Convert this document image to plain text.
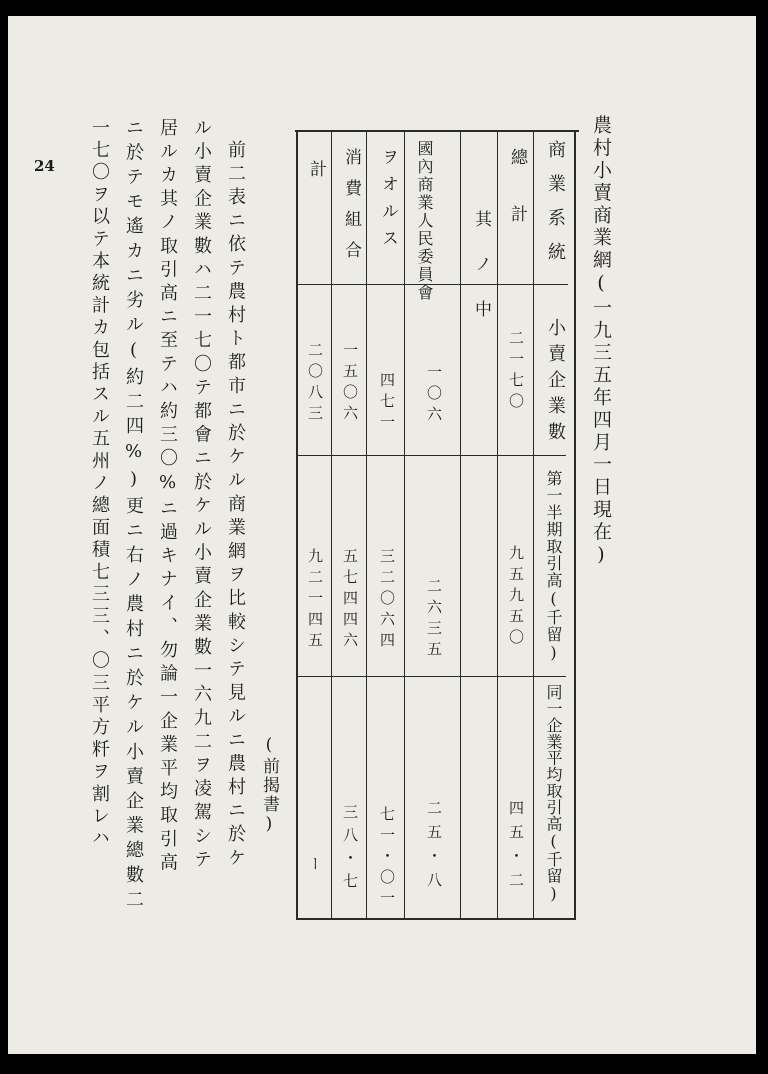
24	農村小賣商業網(一九三五年四月一日現在)
商業系統
小賣企業數
第一半期取引高(千留)
同一企業平均取引高(千留)
總計
二一七〇
九五九五〇
四五・二
其ノ中
國內商業人民委員會
一〇六
二六三五
二五・八
ヲオルス
四七一
三二〇六四
七一・〇一
消費組合
一五〇六
五七四四六
三八・七
計
二〇八三
九二一四五
ー
(前揭書)
前二表ニ依テ農村ト都市ニ於ケル商業網ヲ比較シテ見ルニ農村ニ於ケ
ル小賣企業數ハ二一七〇テ都會ニ於ケル小賣企業數一六九二ヲ凌駕シテ
居ルカ其ノ取引高ニ至テハ約三〇%ニ過キナイ、勿論一企業平均取引高
ニ於テモ遙カニ劣ル(約二四%)更ニ右ノ農村ニ於ケル小賣企業總數二
一七〇ヲ以テ本統計カ包括スル五州ノ總面積七三三、〇三平方粁ヲ割レハ
